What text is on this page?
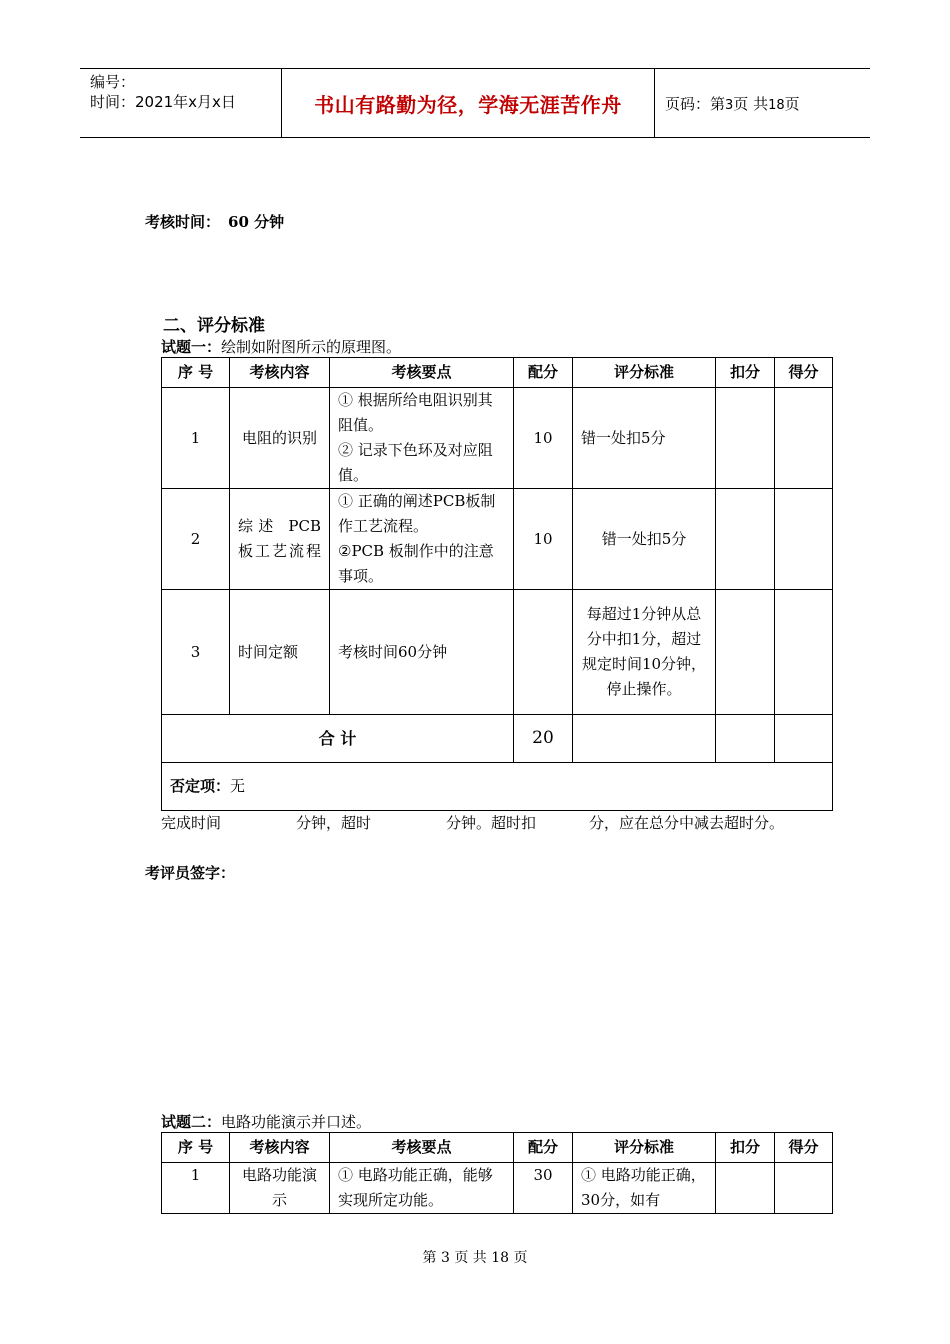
编号：
时间：2021年x月x日	书山有路勤为径，学海无涯苦作舟	页码：第3页 共18页
考核时间： 60 分钟
二、评分标准
试题一：绘制如附图所示的原理图。
序 号	考核内容	考核要点	配分	评分标准	扣分	得分
1	电阻的识别	① 根据所给电阻识别其阻值。
② 记录下色环及对应阻值。	10	错一处扣5分		
2	综述 PCB 板工艺流程	① 正确的阐述PCB板制作工艺流程。
②PCB 板制作中的注意事项。	10	错一处扣5分		
3	时间定额	考核时间60分钟		每超过1分钟从总分中扣1分，超过规定时间10分钟，停止操作。		
合 计			20			
否定项：无						
完成时间	分钟，超时	分钟。超时扣	分，应在总分中减去超时分。
考评员签字：
试题二：电路功能演示并口述。
序 号	考核内容	考核要点	配分	评分标准	扣分	得分
1	电路功能演示	① 电路功能正确，能够实现所定功能。	30	① 电路功能正确，30分，如有		
第 3 页 共 18 页
